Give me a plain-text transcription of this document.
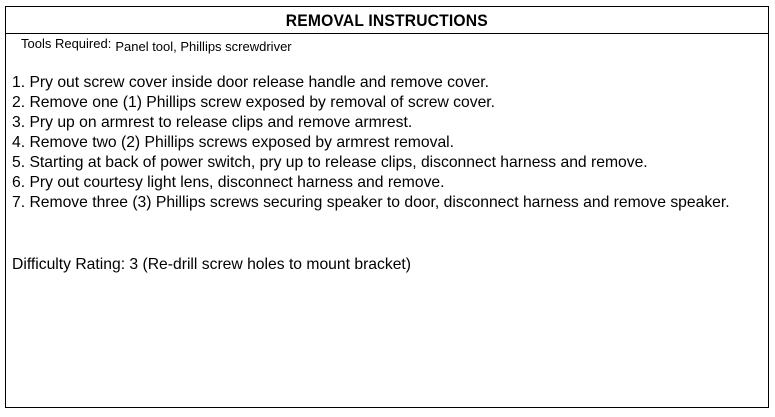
REMOVAL INSTRUCTIONS
Tools Required: Panel tool, Phillips screwdriver
1. Pry out screw cover inside door release handle and remove cover.
2. Remove one (1) Phillips screw exposed by removal of screw cover.
3. Pry up on armrest to release clips and remove armrest.
4. Remove two (2) Phillips screws exposed by armrest removal.
5. Starting at back of power switch, pry up to release clips, disconnect harness and remove.
6. Pry out courtesy light lens, disconnect harness and remove.
7. Remove three (3) Phillips screws securing speaker to door, disconnect harness and remove speaker.
Difficulty Rating: 3 (Re-drill screw holes to mount bracket)
